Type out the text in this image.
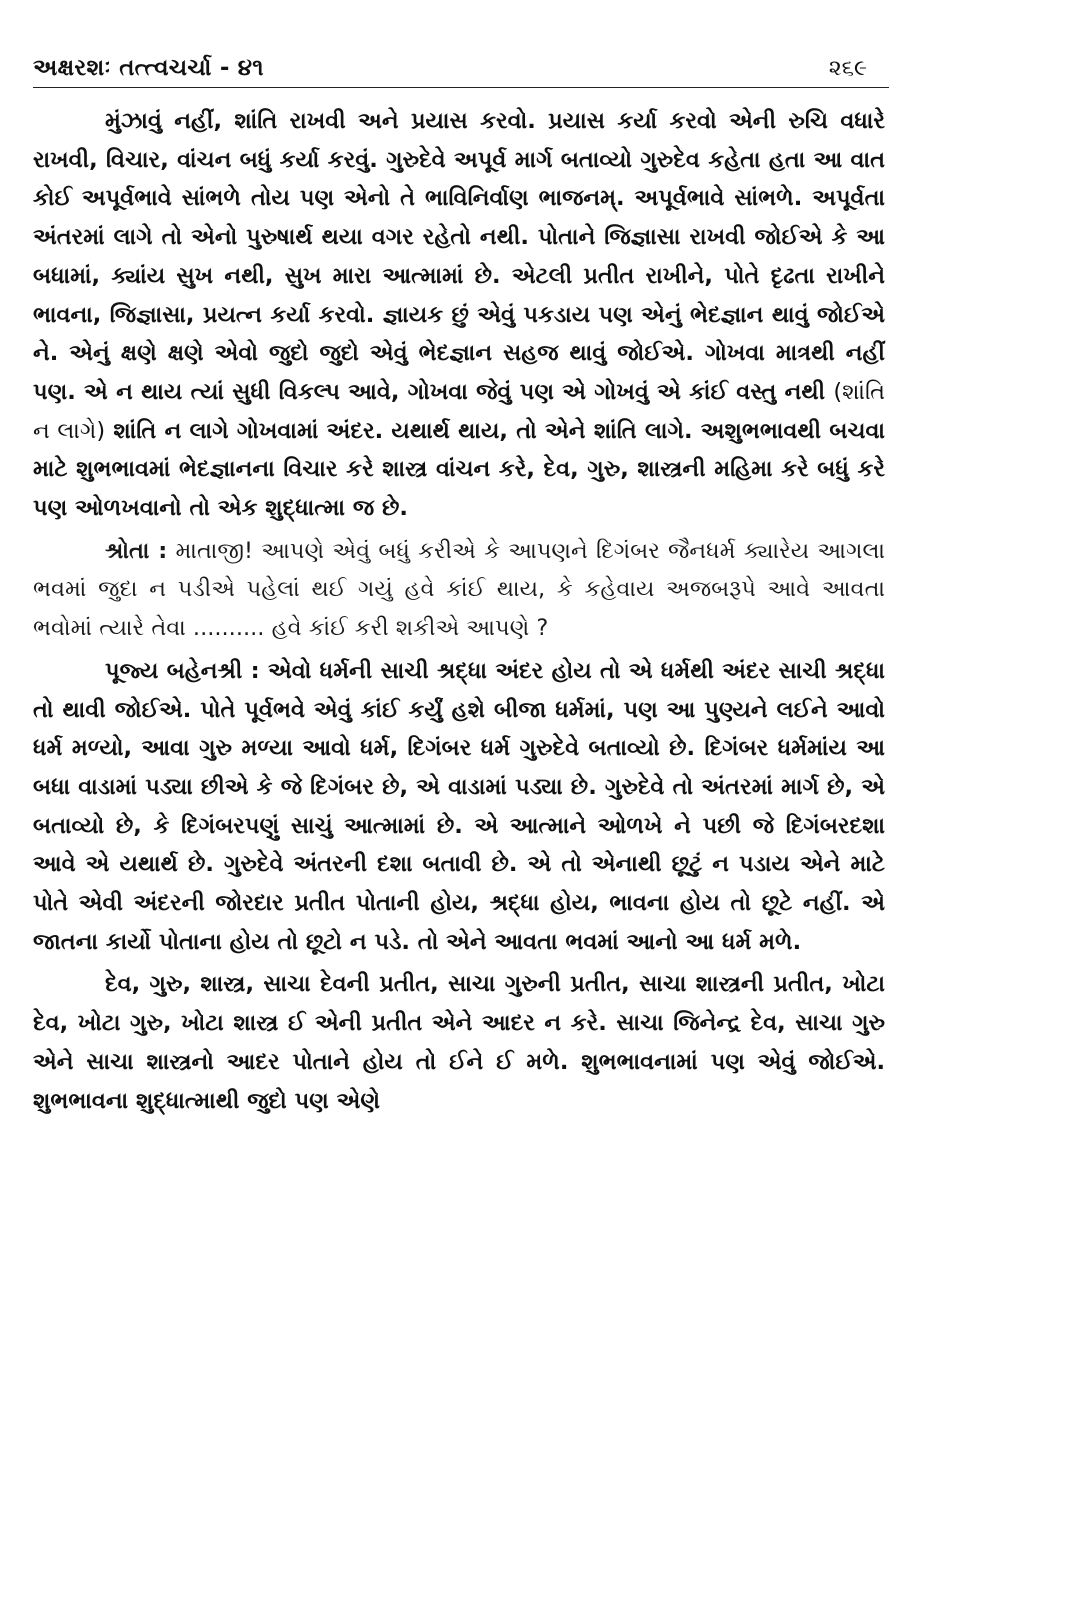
અક્ષરશઃ તત્ત્વચર્ચા - ૪૧	૨૬૯

મુંઝાવું નહીં, શાંતિ રાખવી અને પ્રયાસ કરવો. પ્રયાસ કર્યા કરવો એની રુચિ વધારે રાખવી, વિચાર, વાંચન બધું કર્યા કરવું. ગુરુદેવે અપૂર્વ માર્ગ બતાવ્યો ગુરુદેવ કહેતા હતા આ વાત કોઈ અપૂર્વભાવે સાંભળે તોય પણ એનો તે ભાવિનિર્વાણ ભાજનમ્. અપૂર્વભાવે સાંભળે. અપૂર્વતા અંતરમાં લાગે તો એનો પુરુષાર્થ થયા વગર રહેતો નથી. પોતાને જિજ્ઞાસા રાખવી જોઈએ કે આ બધામાં, ક્યાંય સુખ નથી, સુખ મારા આત્મામાં છે. એટલી પ્રતીત રાખીને, પોતે દૃઢતા રાખીને ભાવના, જિજ્ઞાસા, પ્રયત્ન કર્યા કરવો. જ્ઞાયક છું એવું પકડાય પણ એનું ભેદજ્ઞાન થાવું જોઈએ ને. એનું ક્ષણે ક્ષણે એવો જુદો જુદો એવું ભેદજ્ઞાન સહજ થાવું જોઈએ. ગોખવા માત્રથી નહીં પણ. એ ન થાય ત્યાં સુધી વિકલ્પ આવે, ગોખવા જેવું પણ એ ગોખવું એ કાંઈ વસ્તુ નથી (શાંતિ ન લાગે) શાંતિ ન લાગે ગોખવામાં અંદર. યથાર્થ થાય, તો એને શાંતિ લાગે. અશુભભાવથી બચવા માટે શુભભાવમાં ભેદજ્ઞાનના વિચાર કરે શાસ્ત્ર વાંચન કરે, દેવ, ગુરુ, શાસ્ત્રની મહિમા કરે બધું કરે પણ ઓળખવાનો તો એક શુદ્ધાત્મા જ છે.

શ્રોતા : માતાજી! આપણે એવું બધું કરીએ કે આપણને દિગંબર જૈનધર્મ ક્યારેય આગલા ભવમાં જુદા ન પડીએ પહેલાં થઈ ગયું હવે કાંઈ થાય, કે કહેવાય અજબરૂપે આવે આવતા ભવોમાં ત્યારે તેવા .......... હવે કાંઈ કરી શકીએ આપણે ?

પૂજ્ય બહેનશ્રી : એવો ધર્મની સાચી શ્રદ્ધા અંદર હોય તો એ ધર્મથી અંદર સાચી શ્રદ્ધા તો થાવી જોઈએ. પોતે પૂર્વભવે એવું કાંઈ કર્યું હશે બીજા ધર્મમાં, પણ આ પુણ્યને લઈને આવો ધર્મ મળ્યો, આવા ગુરુ મળ્યા આવો ધર્મ, દિગંબર ધર્મ ગુરુદેવે બતાવ્યો છે. દિગંબર ધર્મમાંય આ બધા વાડામાં પડ્યા છીએ કે જે દિગંબર છે, એ વાડામાં પડ્યા છે. ગુરુદેવે તો અંતરમાં માર્ગ છે, એ બતાવ્યો છે, કે દિગંબરપણું સાચું આત્મામાં છે. એ આત્માને ઓળખે ને પછી જે દિગંબરદશા આવે એ યથાર્થ છે. ગુરુદેવે અંતરની દશા બતાવી છે. એ તો એનાથી છૂટું ન પડાય એને માટે પોતે એવી અંદરની જોરદાર પ્રતીત પોતાની હોય, શ્રદ્ધા હોય, ભાવના હોય તો છૂટે નહીં. એ જાતના કાર્યો પોતાના હોય તો છૂટો ન પડે. તો એને આવતા ભવમાં આનો આ ધર્મ મળે.

દેવ, ગુરુ, શાસ્ત્ર, સાચા દેવની પ્રતીત, સાચા ગુરુની પ્રતીત, સાચા શાસ્ત્રની પ્રતીત, ખોટા દેવ, ખોટા ગુરુ, ખોટા શાસ્ત્ર ઈ એની પ્રતીત એને આદર ન કરે. સાચા જિનેન્દ્ર દેવ, સાચા ગુરુ એને સાચા શાસ્ત્રનો આદર પોતાને હોય તો ઈને ઈ મળે. શુભભાવનામાં પણ એવું જોઈએ. શુભભાવના શુદ્ધાત્માથી જુદો પણ એણે
